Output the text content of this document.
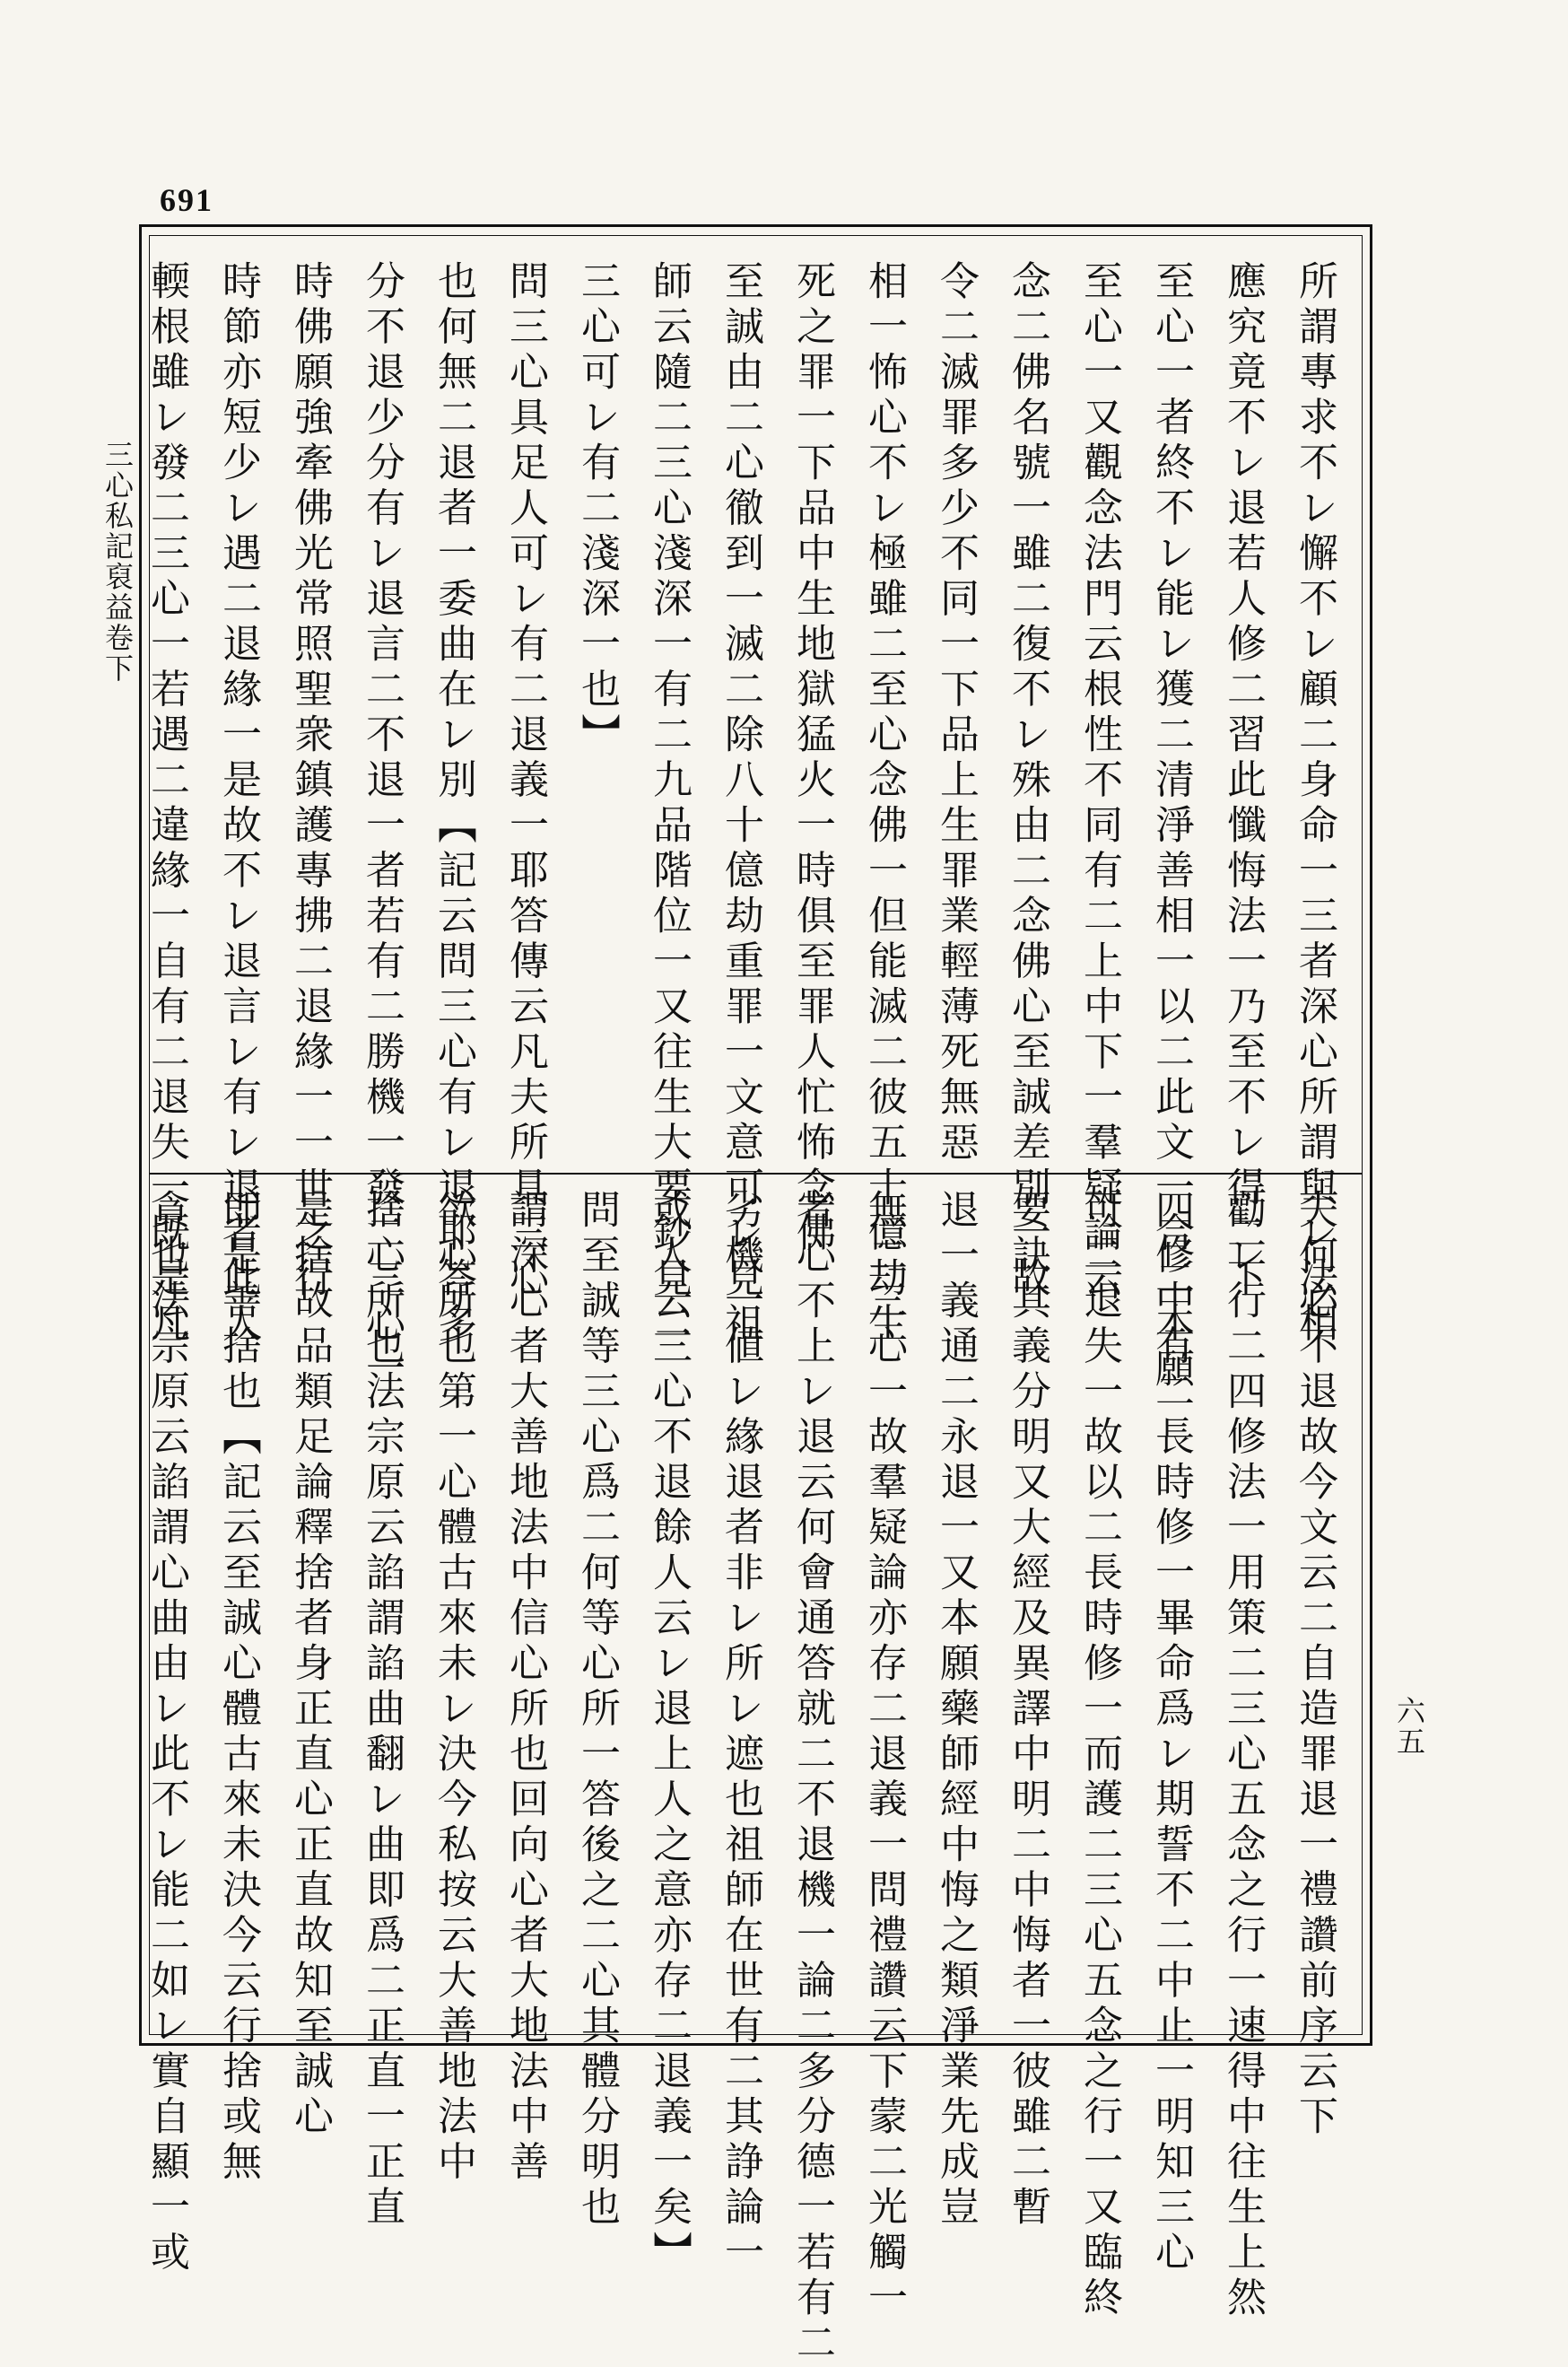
691
三心私記裒益卷下
六五
所謂專求不レ懈不レ顧二身命一三者深心所謂與レ法相
應究竟不レ退若人修二習此懺悔法一乃至不レ得二下
至心一者終不レ能レ獲二清淨善相一以二此文一合二本願
至心一又觀念法門云根性不同有二上中下一羣疑論云
念二佛名號一雖二復不レ殊由二念佛心至誠差別一故
令二滅罪多少不同一下品上生罪業輕薄死無惡
相一怖心不レ極雖二至心念佛一但能滅二彼五十億劫生
死之罪一下品中生地獄猛火一時俱至罪人忙怖念佛
至誠由二心徹到一滅二除八十億劫重罪一文意可レ見祖
師云隨二三心淺深一有二九品階位一又往生大要鈔見二
三心可レ有二淺深一也】
問三心具足人可レ有二退義一耶答傳云凡夫所具三心
也何無二退者一委曲在レ別【記云問三心有レ退耶答多
分不退少分有レ退言二不退一者若有二勝機一發二三心一
時佛願強牽佛光常照聖衆鎮護專拂二退緣一一世之行
時節亦短少レ遇二退緣一是故不レ退言レ有レ退者此人
輭根雖レ發二三心一若遇二違緣一自有二退失一既是凡
夫何必不退故今文云二自造罪退一禮讚前序云下
勸レ行二四修法一用策二三心五念之行一速得中往生上然
四修中有二長時修一畢命爲レ期誓不二中止一明知三心
可二退失一故以二長時修一而護二三心五念之行一又臨終
要訣其義分明又大經及異譯中明二中悔者一彼雖二暫
退一義通二永退一又本願藥師經中悔之類淨業先成豈
無二三心一故羣疑論亦存二退義一問禮讚云下蒙二光觸一
者心不上レ退云何會通答就二不退機一論二多分德一若有二
劣機一値レ緣退者非レ所レ遮也祖師在世有二其諍論一
或人云三心不退餘人云レ退上人之意亦存二退義一矣】
問至誠等三心爲二何等心所一答後之二心其體分明也
謂深心者大善地法中信心所也回向心者大地法中善
欲心所也第一心體古來未レ決今私按云大善地法中
捨心所也法宗原云諂謂諂曲翻レ曲即爲二正直一正直
是捨故品類足論釋捨者身正直心正直故知至誠心
即是善捨也【記云至誠心體古來未決今云行捨或無
貪也法宗原云諂謂心曲由レ此不レ能二如レ實自顯一或
